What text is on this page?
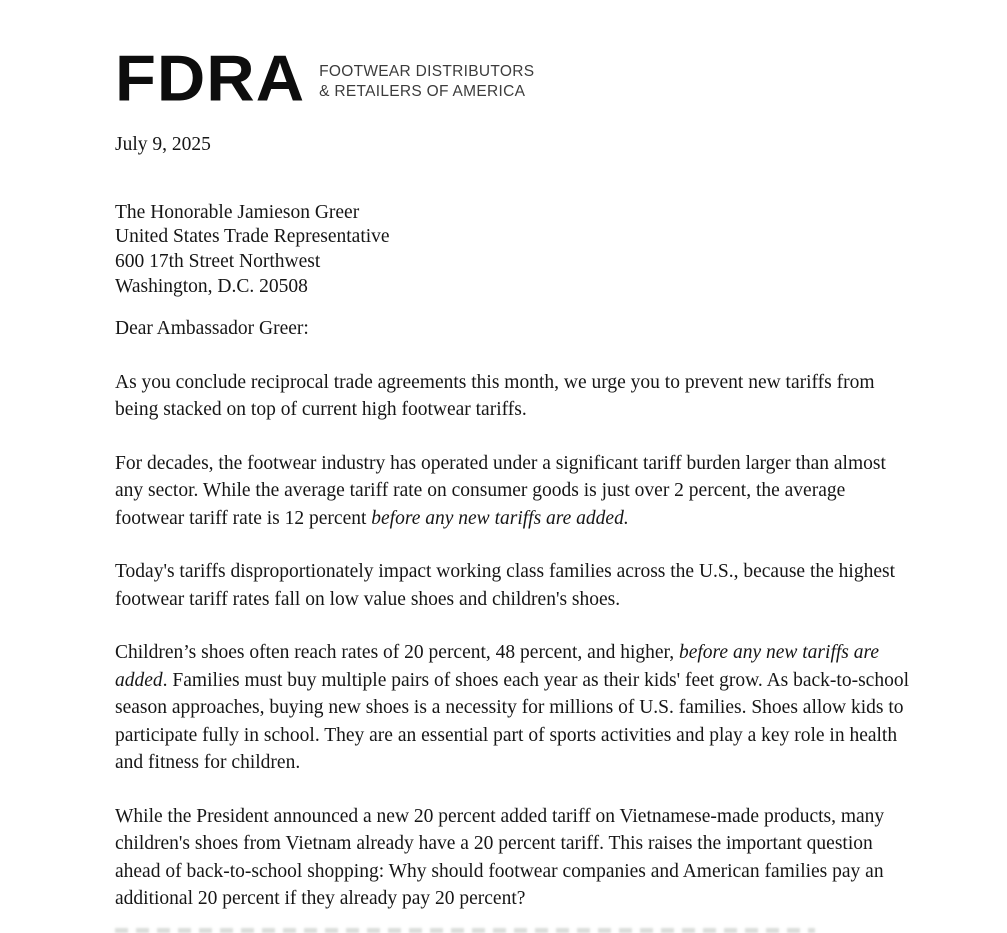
FDRA FOOTWEAR DISTRIBUTORS
& RETAILERS OF AMERICA
July 9, 2025
The Honorable Jamieson Greer
United States Trade Representative
600 17th Street Northwest
Washington, D.C. 20508
Dear Ambassador Greer:

As you conclude reciprocal trade agreements this month, we urge you to prevent new tariffs from being stacked on top of current high footwear tariffs.

For decades, the footwear industry has operated under a significant tariff burden larger than almost any sector. While the average tariff rate on consumer goods is just over 2 percent, the average footwear tariff rate is 12 percent before any new tariffs are added.

Today's tariffs disproportionately impact working class families across the U.S., because the highest footwear tariff rates fall on low value shoes and children's shoes.

Children’s shoes often reach rates of 20 percent, 48 percent, and higher, before any new tariffs are added. Families must buy multiple pairs of shoes each year as their kids' feet grow. As back-to-school season approaches, buying new shoes is a necessity for millions of U.S. families. Shoes allow kids to participate fully in school. They are an essential part of sports activities and play a key role in health and fitness for children.

While the President announced a new 20 percent added tariff on Vietnamese-made products, many children's shoes from Vietnam already have a 20 percent tariff. This raises the important question ahead of back-to-school shopping: Why should footwear companies and American families pay an additional 20 percent if they already pay 20 percent?
